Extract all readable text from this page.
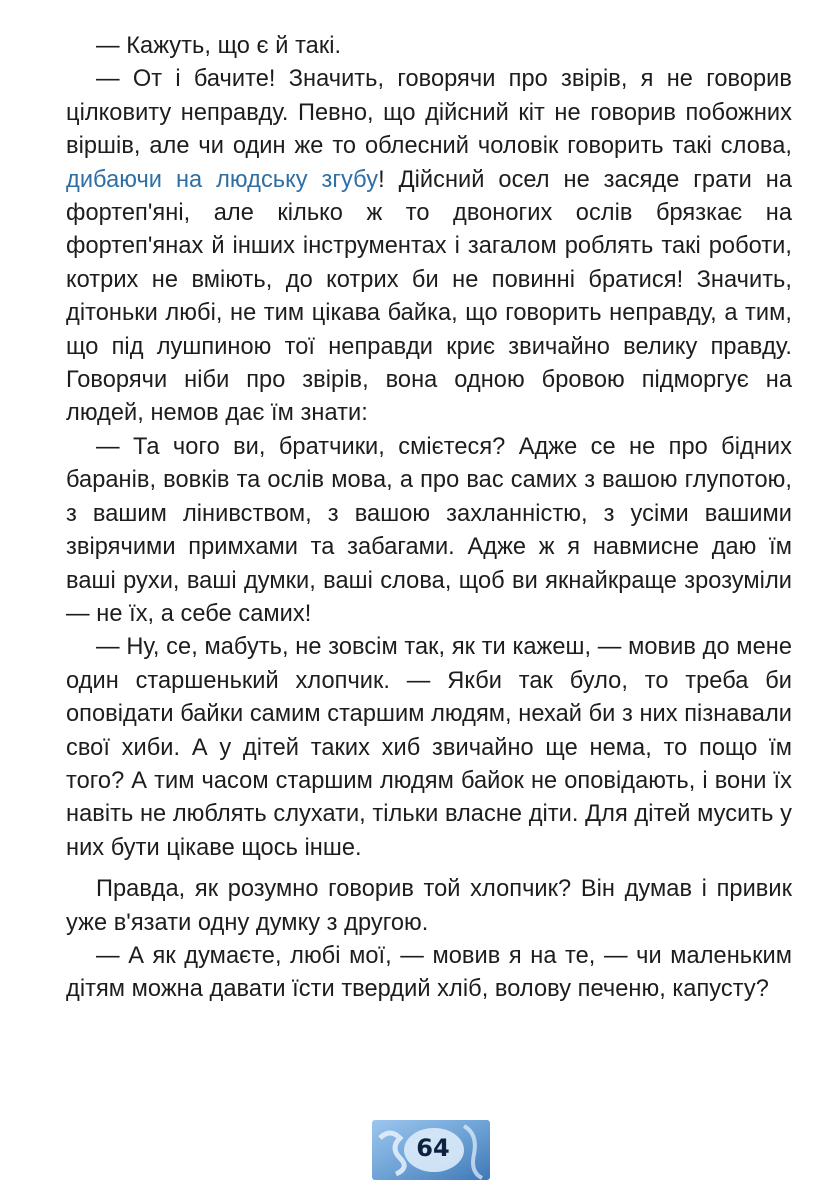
— Кажуть, що є й такі.

— От і бачите! Значить, говорячи про звірів, я не говорив цілковиту неправду. Певно, що дійсний кіт не говорив побожних віршів, але чи один же то облесний чоловік говорить такі слова, дибаючи на людську згубу! Дійсний осел не засяде грати на фортеп'яні, але кілько ж то двоногих ослів брязкає на фортеп'янах й інших інструментах і загалом роблять такі роботи, котрих не вміють, до котрих би не повинні братися! Значить, дітоньки любі, не тим цікава байка, що говорить неправду, а тим, що під лушпиною тої неправди криє звичайно велику правду. Говорячи ніби про звірів, вона одною бровою підморгує на людей, немов дає їм знати:

— Та чого ви, братчики, смієтеся? Адже се не про бідних баранів, вовків та ослів мова, а про вас самих з вашою глупотою, з вашим лінивством, з вашою захланністю, з усіми вашими звірячими примхами та забагами. Адже ж я навмисне даю їм ваші рухи, ваші думки, ваші слова, щоб ви якнайкраще зрозуміли — не їх, а себе самих!

— Ну, се, мабуть, не зовсім так, як ти кажеш, — мовив до мене один старшенький хлопчик. — Якби так було, то треба би оповідати байки самим старшим людям, нехай би з них пізнавали свої хиби. А у дітей таких хиб звичайно ще нема, то пощо їм того? А тим часом старшим людям байок не оповідають, і вони їх навіть не люблять слухати, тільки власне діти. Для дітей мусить у них бути цікаве щось інше.

Правда, як розумно говорив той хлопчик? Він думав і привик уже в'язати одну думку з другою.

— А як думаєте, любі мої, — мовив я на те, — чи маленьким дітям можна давати їсти твердий хліб, волову печеню, капусту?

64
